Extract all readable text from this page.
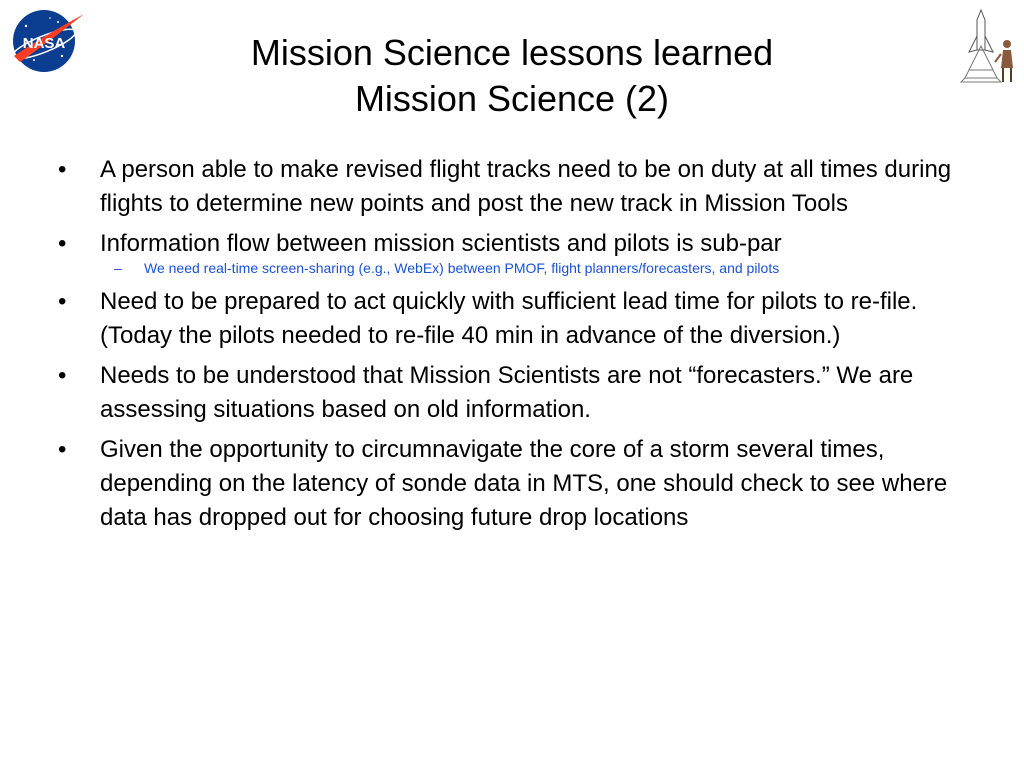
NASA	Mission Science lessons learned
Mission Science (2)
•	A person able to make revised flight tracks need to be on duty at all times during flights to determine new points and post the new track in Mission Tools
•	Information flow between mission scientists and pilots is sub-par
–	We need real-time screen-sharing (e.g., WebEx) between PMOF, flight planners/forecasters, and pilots
•	Need to be prepared to act quickly with sufficient lead time for pilots to re-file. (Today the pilots needed to re-file 40 min in advance of the diversion.)
•	Needs to be understood that Mission Scientists are not “forecasters.” We are assessing situations based on old information.
•	Given the opportunity to circumnavigate the core of a storm several times, depending on the latency of sonde data in MTS, one should check to see where data has dropped out for choosing future drop locations
